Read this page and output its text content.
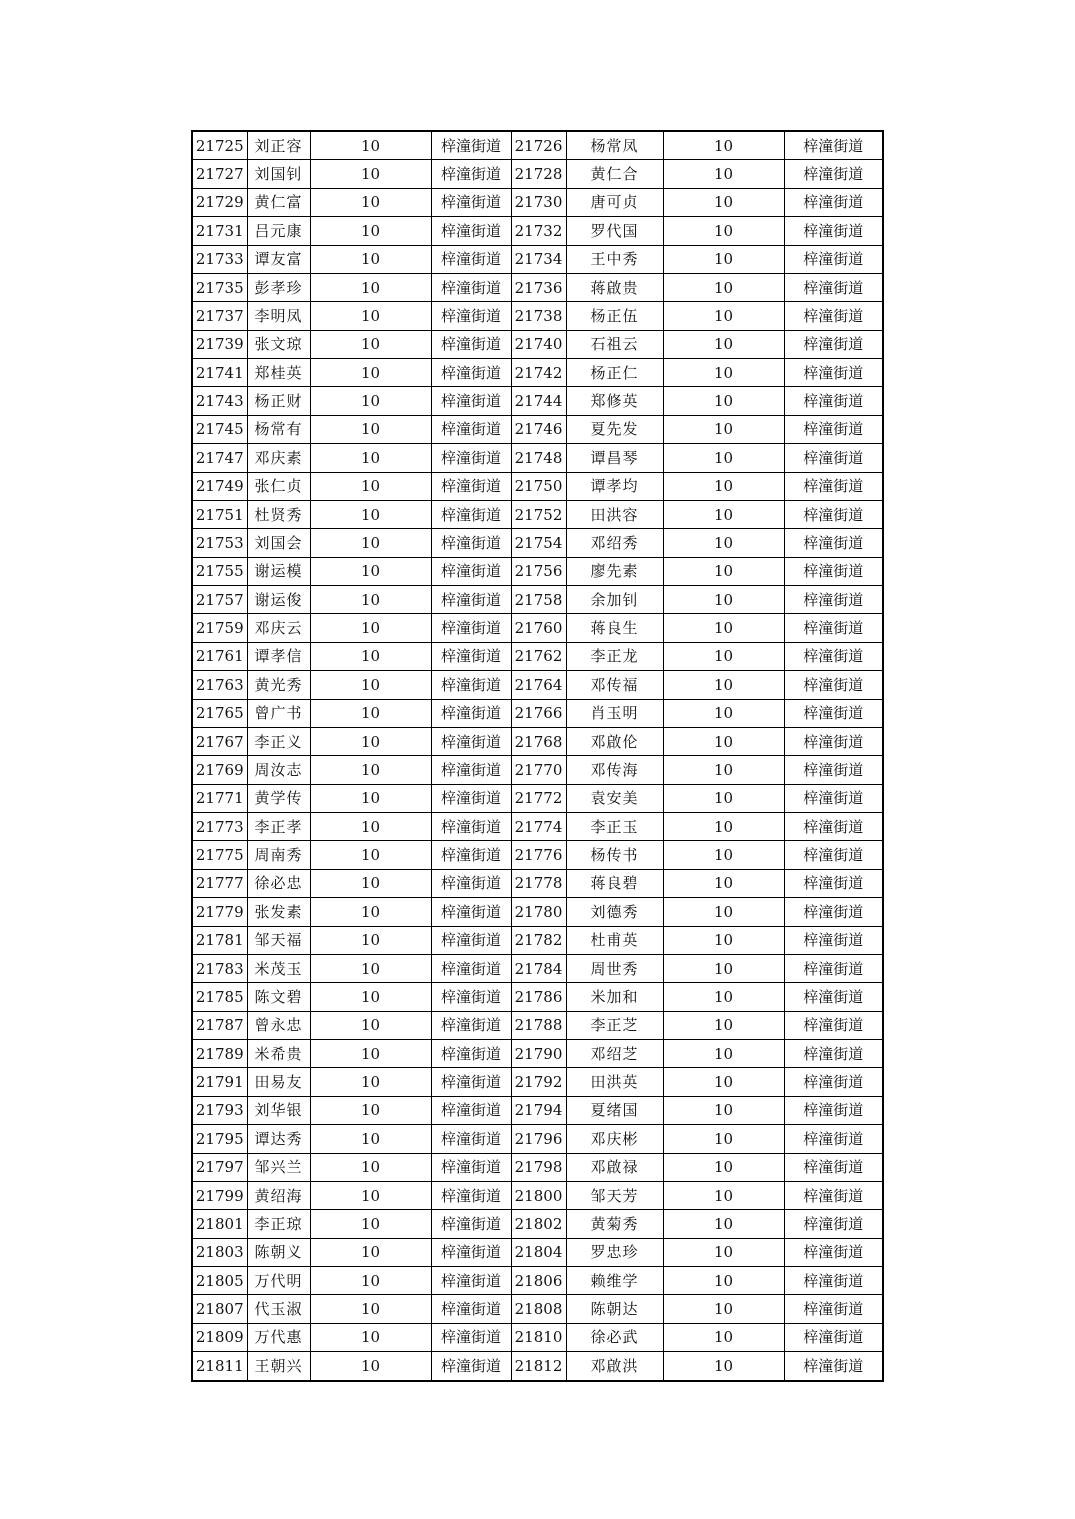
21725	刘正容	10	梓潼街道	21726	杨常凤	10	梓潼街道
21727	刘国钊	10	梓潼街道	21728	黄仁合	10	梓潼街道
21729	黄仁富	10	梓潼街道	21730	唐可贞	10	梓潼街道
21731	吕元康	10	梓潼街道	21732	罗代国	10	梓潼街道
21733	谭友富	10	梓潼街道	21734	王中秀	10	梓潼街道
21735	彭孝珍	10	梓潼街道	21736	蒋啟贵	10	梓潼街道
21737	李明凤	10	梓潼街道	21738	杨正伍	10	梓潼街道
21739	张文琼	10	梓潼街道	21740	石祖云	10	梓潼街道
21741	郑桂英	10	梓潼街道	21742	杨正仁	10	梓潼街道
21743	杨正财	10	梓潼街道	21744	郑修英	10	梓潼街道
21745	杨常有	10	梓潼街道	21746	夏先发	10	梓潼街道
21747	邓庆素	10	梓潼街道	21748	谭昌琴	10	梓潼街道
21749	张仁贞	10	梓潼街道	21750	谭孝均	10	梓潼街道
21751	杜贤秀	10	梓潼街道	21752	田洪容	10	梓潼街道
21753	刘国会	10	梓潼街道	21754	邓绍秀	10	梓潼街道
21755	谢运模	10	梓潼街道	21756	廖先素	10	梓潼街道
21757	谢运俊	10	梓潼街道	21758	余加钊	10	梓潼街道
21759	邓庆云	10	梓潼街道	21760	蒋良生	10	梓潼街道
21761	谭孝信	10	梓潼街道	21762	李正龙	10	梓潼街道
21763	黄光秀	10	梓潼街道	21764	邓传福	10	梓潼街道
21765	曾广书	10	梓潼街道	21766	肖玉明	10	梓潼街道
21767	李正义	10	梓潼街道	21768	邓啟伦	10	梓潼街道
21769	周汝志	10	梓潼街道	21770	邓传海	10	梓潼街道
21771	黄学传	10	梓潼街道	21772	袁安美	10	梓潼街道
21773	李正孝	10	梓潼街道	21774	李正玉	10	梓潼街道
21775	周南秀	10	梓潼街道	21776	杨传书	10	梓潼街道
21777	徐必忠	10	梓潼街道	21778	蒋良碧	10	梓潼街道
21779	张发素	10	梓潼街道	21780	刘德秀	10	梓潼街道
21781	邹天福	10	梓潼街道	21782	杜甫英	10	梓潼街道
21783	米茂玉	10	梓潼街道	21784	周世秀	10	梓潼街道
21785	陈文碧	10	梓潼街道	21786	米加和	10	梓潼街道
21787	曾永忠	10	梓潼街道	21788	李正芝	10	梓潼街道
21789	米希贵	10	梓潼街道	21790	邓绍芝	10	梓潼街道
21791	田易友	10	梓潼街道	21792	田洪英	10	梓潼街道
21793	刘华银	10	梓潼街道	21794	夏绪国	10	梓潼街道
21795	谭达秀	10	梓潼街道	21796	邓庆彬	10	梓潼街道
21797	邹兴兰	10	梓潼街道	21798	邓啟禄	10	梓潼街道
21799	黄绍海	10	梓潼街道	21800	邹天芳	10	梓潼街道
21801	李正琼	10	梓潼街道	21802	黄菊秀	10	梓潼街道
21803	陈朝义	10	梓潼街道	21804	罗忠珍	10	梓潼街道
21805	万代明	10	梓潼街道	21806	赖维学	10	梓潼街道
21807	代玉淑	10	梓潼街道	21808	陈朝达	10	梓潼街道
21809	万代惠	10	梓潼街道	21810	徐必武	10	梓潼街道
21811	王朝兴	10	梓潼街道	21812	邓啟洪	10	梓潼街道
